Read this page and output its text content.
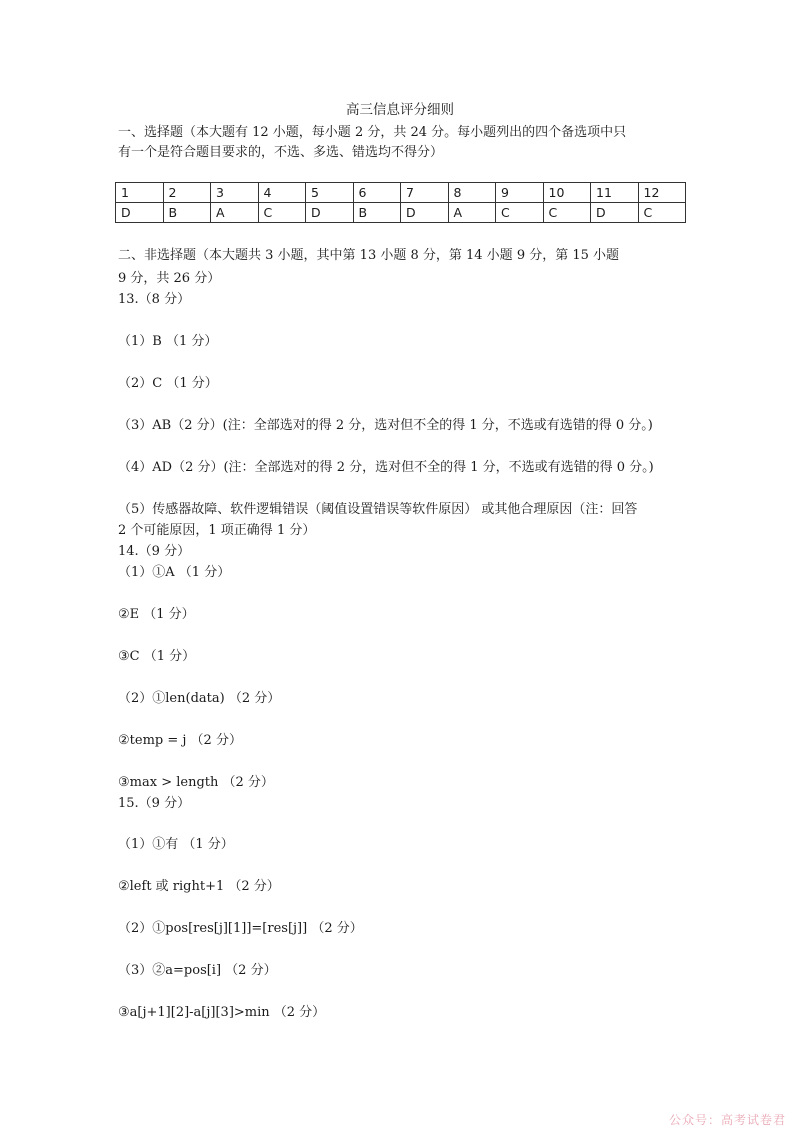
高三信息评分细则

一、选择题（本大题有 12 小题，每小题 2 分，共 24 分。每小题列出的四个备选项中只

有一个是符合题目要求的，不选、多选、错选均不得分）

1	2	3	4	5	6	7	8	9	10	11	12
D	B	A	C	D	B	D	A	C	C	D	C

二、非选择题（本大题共 3 小题，其中第 13 小题 8 分，第 14 小题 9 分，第 15 小题

9 分，共 26 分）

13.（8 分）

（1）B （1 分）

（2）C （1 分）

（3）AB（2 分）(注：全部选对的得 2 分，选对但不全的得 1 分，不选或有选错的得 0 分。)

（4）AD（2 分）(注：全部选对的得 2 分，选对但不全的得 1 分，不选或有选错的得 0 分。)

（5）传感器故障、软件逻辑错误（阈值设置错误等软件原因） 或其他合理原因（注：回答

2 个可能原因，1 项正确得 1 分）

14.（9 分）

（1）①A （1 分）

②E （1 分）

③C （1 分）

（2）①len(data) （2 分）

②temp = j （2 分）

③max > length （2 分）

15.（9 分）

（1）①有 （1 分）

②left 或 right+1 （2 分）

（2）①pos[res[j][1]]=[res[j]] （2 分）

（3）②a=pos[i] （2 分）

③a[j+1][2]-a[j][3]>min （2 分）

公众号：高考试卷君
